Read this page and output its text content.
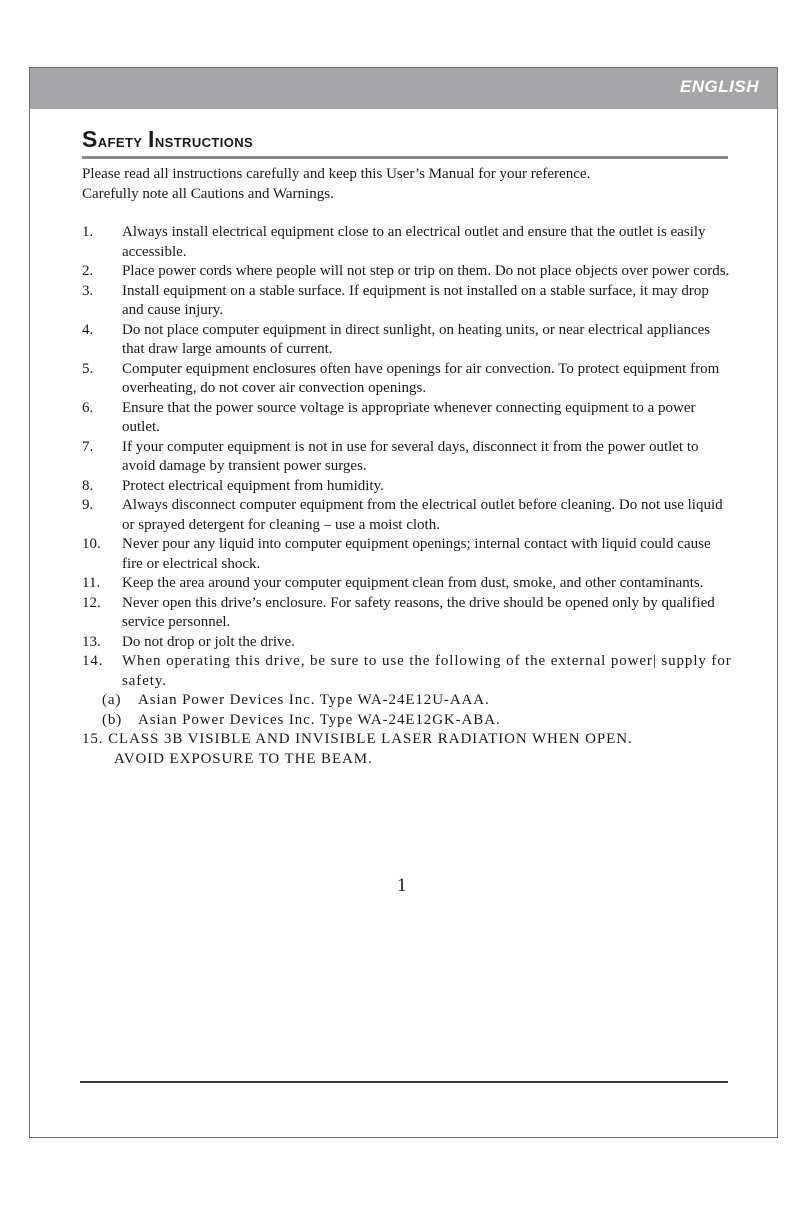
ENGLISH
Safety Instructions

Please read all instructions carefully and keep this User’s Manual for your reference.

Carefully note all Cautions and Warnings.

1. Always install electrical equipment close to an electrical outlet and ensure that the outlet is easily accessible.
2. Place power cords where people will not step or trip on them. Do not place objects over power cords.
3. Install equipment on a stable surface. If equipment is not installed on a stable surface, it may drop and cause injury.
4. Do not place computer equipment in direct sunlight, on heating units, or near electrical appliances that draw large amounts of current.
5. Computer equipment enclosures often have openings for air convection. To protect equipment from overheating, do not cover air convection openings.
6. Ensure that the power source voltage is appropriate whenever connecting equipment to a power outlet.
7. If your computer equipment is not in use for several days, disconnect it from the power outlet to avoid damage by transient power surges.
8. Protect electrical equipment from humidity.
9. Always disconnect computer equipment from the electrical outlet before cleaning. Do not use liquid or sprayed detergent for cleaning – use a moist cloth.
10. Never pour any liquid into computer equipment openings; internal contact with liquid could cause fire or electrical shock.
11. Keep the area around your computer equipment clean from dust, smoke, and other contaminants.
12. Never open this drive’s enclosure. For safety reasons, the drive should be opened only by qualified service personnel.
13. Do not drop or jolt the drive.
14. When operating this drive, be sure to use the following of the external power| supply for safety.
(a) Asian Power Devices Inc. Type WA-24E12U-AAA.
(b) Asian Power Devices Inc. Type WA-24E12GK-ABA.
15. CLASS 3B VISIBLE AND INVISIBLE LASER RADIATION WHEN OPEN.
AVOID EXPOSURE TO THE BEAM.
1
